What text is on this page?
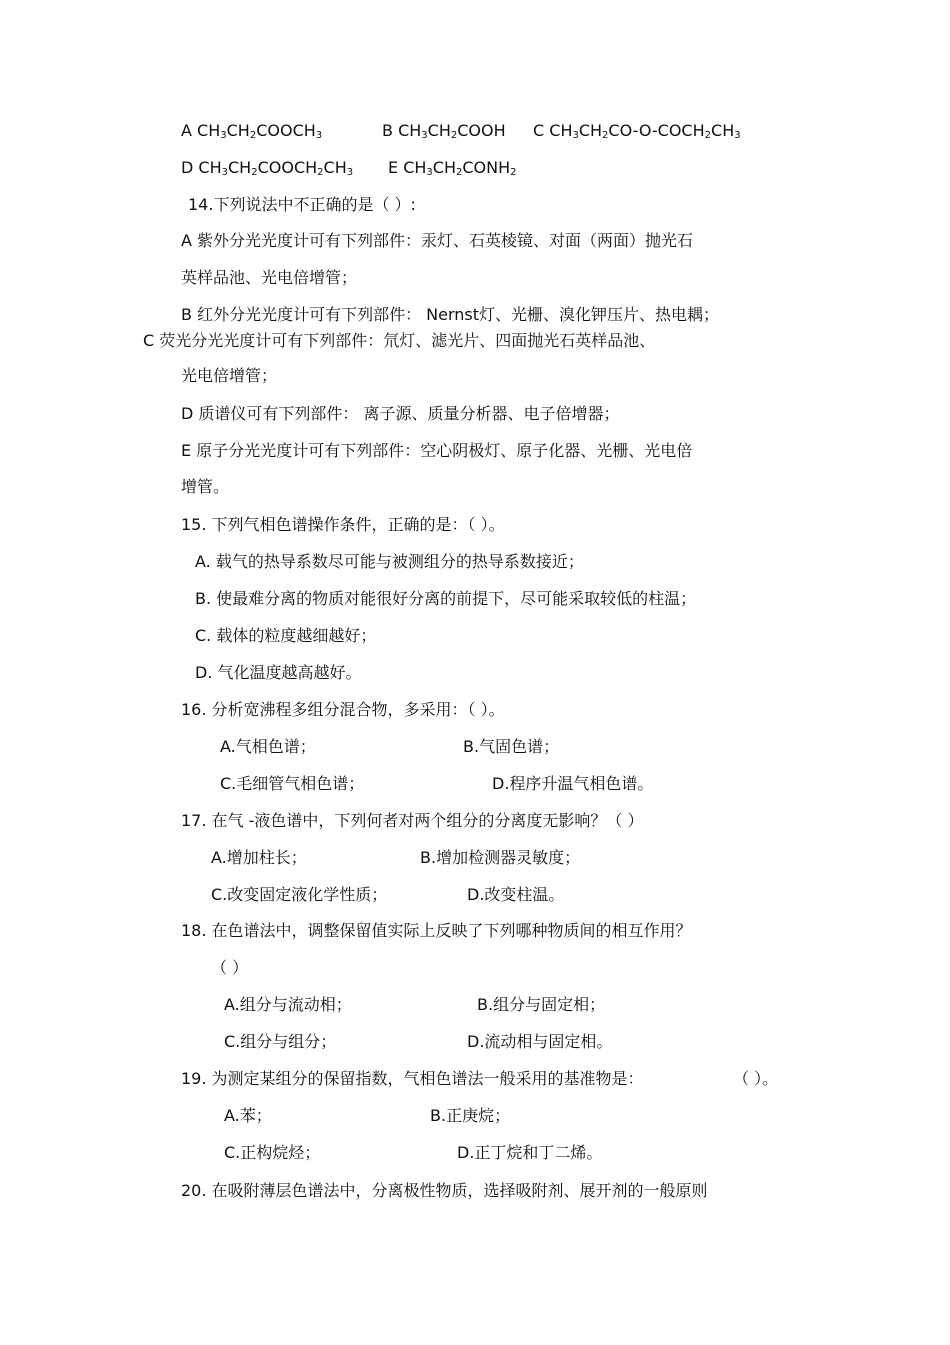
A $CH_3CH_2COOCH_3$	B $CH_3CH_2COOH$ C $CH_3CH_2CO-O-COCH_2CH_3$
D $CH_3CH_2COOCH_2CH_3$ E $CH_3CH_2CONH_2$
14.下列说法中不正确的是（ ）:
A 紫外分光光度计可有下列部件：汞灯、石英棱镜、对面（两面）抛光石
英样品池、光电倍增管；
B 红外分光光度计可有下列部件： Nernst灯、光栅、溴化钾压片、热电耦；
C 荧光分光光度计可有下列部件：氘灯、滤光片、四面抛光石英样品池、
光电倍增管；
D 质谱仪可有下列部件： 离子源、质量分析器、电子倍增器；
E 原子分光光度计可有下列部件：空心阴极灯、原子化器、光栅、光电倍
增管。
15. 下列气相色谱操作条件，正确的是：（ ）。
A. 载气的热导系数尽可能与被测组分的热导系数接近；
B. 使最难分离的物质对能很好分离的前提下，尽可能采取较低的柱温；
C. 载体的粒度越细越好；
D. 气化温度越高越好。
16. 分析宽沸程多组分混合物，多采用：（ ）。
A.气相色谱；	B.气固色谱；
C.毛细管气相色谱；	D.程序升温气相色谱。
17. 在气 -液色谱中，下列何者对两个组分的分离度无影响？（ ）
A.增加柱长；	B.增加检测器灵敏度；
C.改变固定液化学性质；	D.改变柱温。
18. 在色谱法中，调整保留值实际上反映了下列哪种物质间的相互作用？
（ ）
A.组分与流动相；	B.组分与固定相；
C.组分与组分；	D.流动相与固定相。
19. 为测定某组分的保留指数，气相色谱法一般采用的基准物是：	（ ）。
A.苯；	B.正庚烷；
C.正构烷烃；	D.正丁烷和丁二烯。
20. 在吸附薄层色谱法中，分离极性物质，选择吸附剂、展开剂的一般原则
